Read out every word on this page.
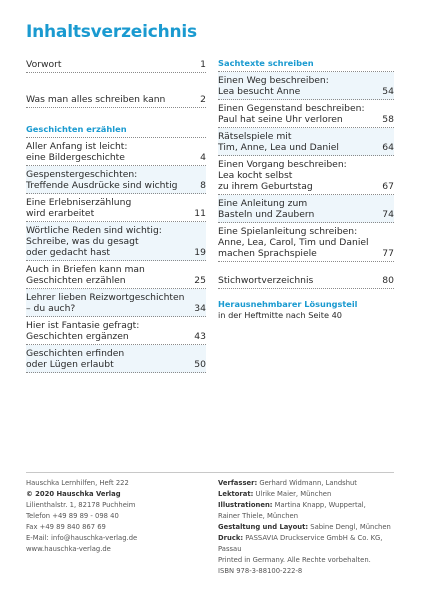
Inhaltsverzeichnis
Vorwort	1
Was man alles schreiben kann	2
Geschichten erzählen
Aller Anfang ist leicht:
eine Bildergeschichte	4
Gespenstergeschichten:
Treffende Ausdrücke sind wichtig	8
Eine Erlebniserzählung
wird erarbeitet	11
Wörtliche Reden sind wichtig:
Schreibe, was du gesagt
oder gedacht hast	19
Auch in Briefen kann man
Geschichten erzählen	25
Lehrer lieben Reizwortgeschichten
– du auch?	34
Hier ist Fantasie gefragt:
Geschichten ergänzen	43
Geschichten erfinden
oder Lügen erlaubt	50
Sachtexte schreiben
Einen Weg beschreiben:
Lea besucht Anne	54
Einen Gegenstand beschreiben:
Paul hat seine Uhr verloren	58
Rätselspiele mit
Tim, Anne, Lea und Daniel	64
Einen Vorgang beschreiben:
Lea kocht selbst
zu ihrem Geburtstag	67
Eine Anleitung zum
Basteln und Zaubern	74
Eine Spielanleitung schreiben:
Anne, Lea, Carol, Tim und Daniel
machen Sprachspiele	77
Stichwortverzeichnis	80
Herausnehmbarer Lösungsteil
in der Heftmitte nach Seite 40
Hauschka Lernhilfen, Heft 222
© 2020 Hauschka Verlag
Lilienthalstr. 1, 82178 Puchheim
Telefon +49 89 89 - 098 40
Fax +49 89 840 867 69
E-Mail: info@hauschka-verlag.de
www.hauschka-verlag.de
Verfasser: Gerhard Widmann, Landshut
Lektorat: Ulrike Maier, München
Illustrationen: Martina Knapp, Wuppertal,
Rainer Thiele, München
Gestaltung und Layout: Sabine Dengl, München
Druck: PASSAVIA Druckservice GmbH & Co. KG, Passau
Printed in Germany. Alle Rechte vorbehalten.
ISBN 978-3-88100-222-8
